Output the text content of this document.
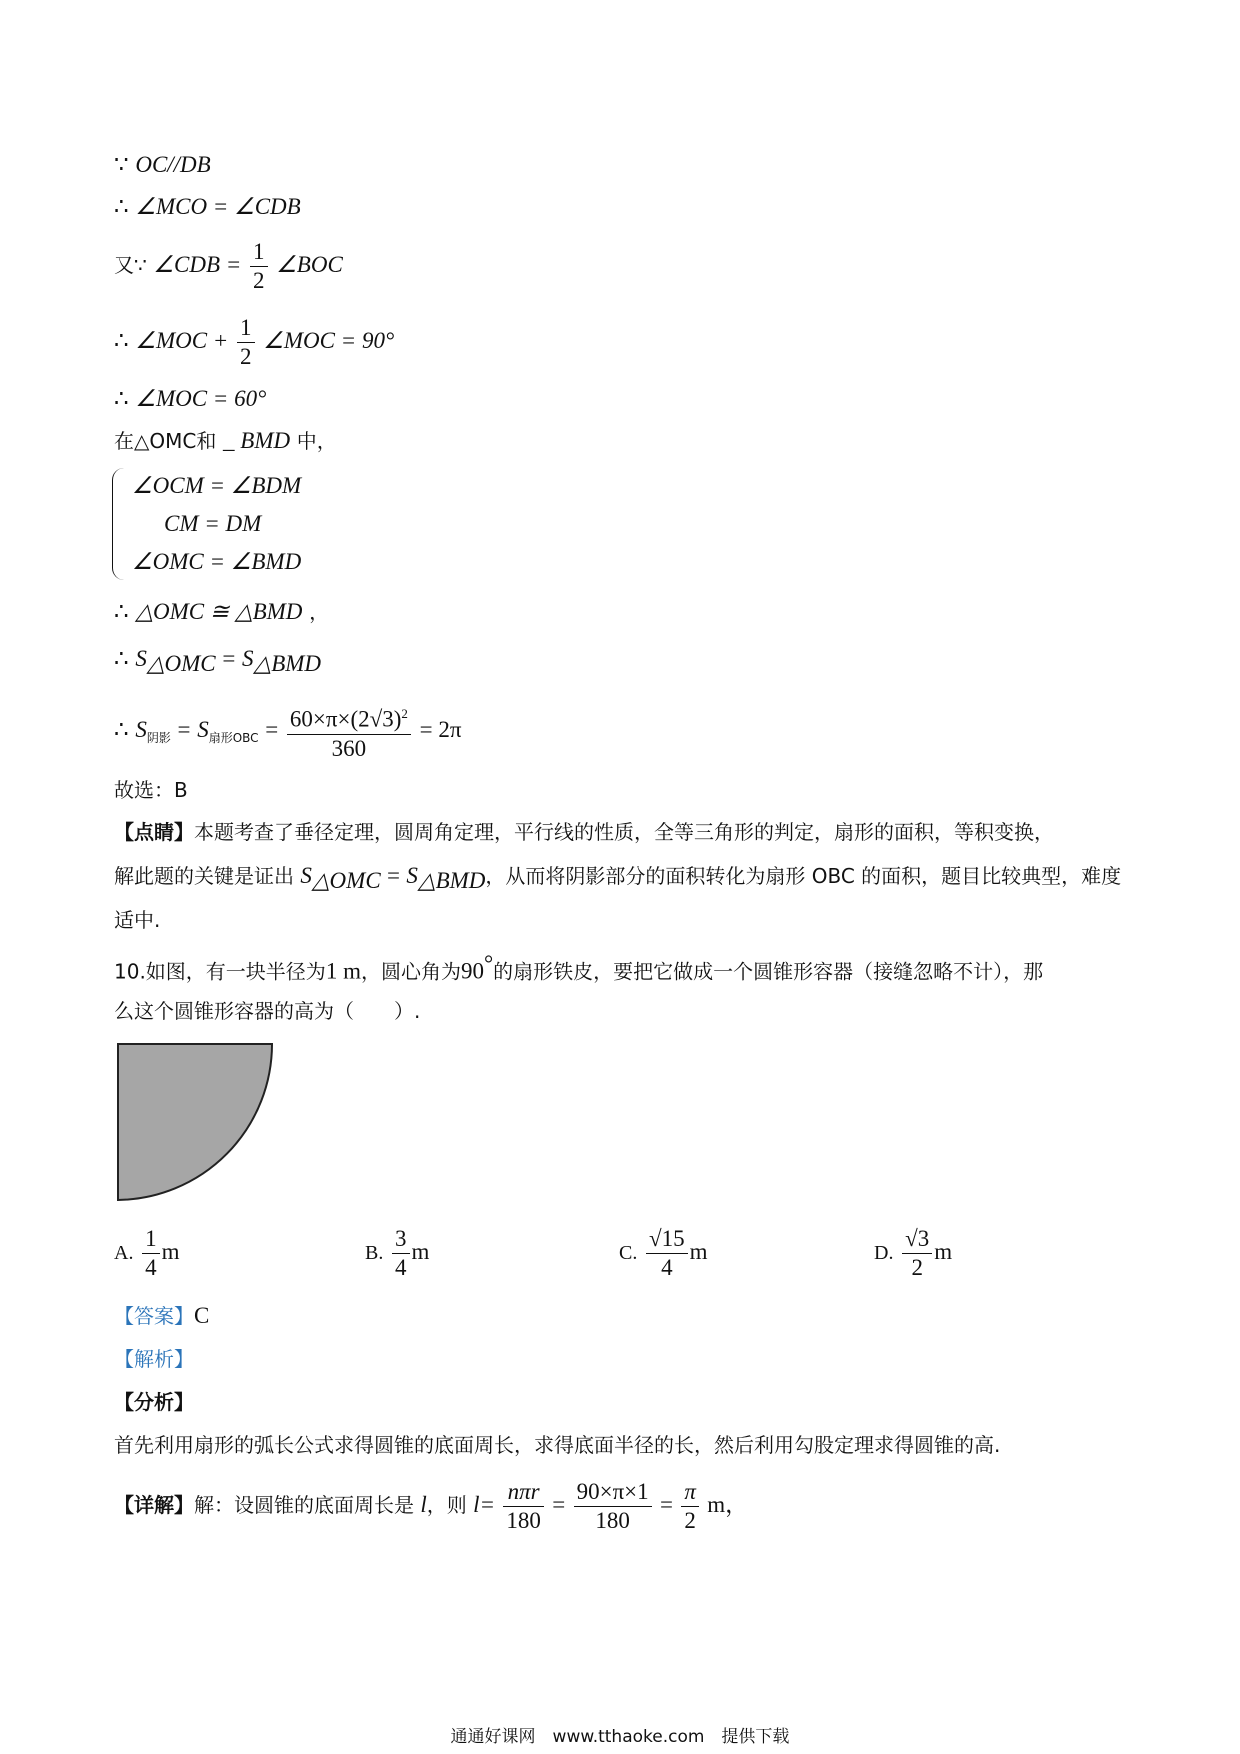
∵ OC//DB
∴ ∠MCO = ∠CDB
又∵ ∠CDB = $\frac{1}{2}$ ∠BOC
∴ ∠MOC + $\frac{1}{2}$ ∠MOC = 90°
∴ ∠MOC = 60°
在△OMC和 _ BMD 中，
∠OCM = ∠BDM
CM = DM
∠OMC = ∠BMD
∴ △OMC ≅ △BMD ，
∴ $S_{\triangle OMC} = S_{\triangle BMD}$
∴ $S_{阴影} = S_{扇形OBC} = \frac{60\times\pi\times(2√3)^2}{360} = 2\pi$
故选：B
【点睛】本题考查了垂径定理，圆周角定理，平行线的性质，全等三角形的判定，扇形的面积，等积变换，
解此题的关键是证出 $S_{\triangle OMC} = S_{\triangle BMD}$，从而将阴影部分的面积转化为扇形 OBC 的面积，题目比较典型，难度
适中.
10.如图，有一块半径为1 m，圆心角为90°的扇形铁皮，要把它做成一个圆锥形容器（接缝忽略不计），那
么这个圆锥形容器的高为（　　）.
A. $\frac{1}{4}$ m	B. $\frac{3}{4}$ m	C. $\frac{√15}{4}$ m	D. $\frac{√3}{2}$ m
【答案】C
【解析】
【分析】
首先利用扇形的弧长公式求得圆锥的底面周长，求得底面半径的长，然后利用勾股定理求得圆锥的高.
【详解】解：设圆锥的底面周长是 l，则 $l= \frac{\text{nπr}}{180} = \frac{90\times\pi\times 1}{180} = \frac{\pi}{2}$ m，
通通好课网　www.tthaoke.com　提供下载
